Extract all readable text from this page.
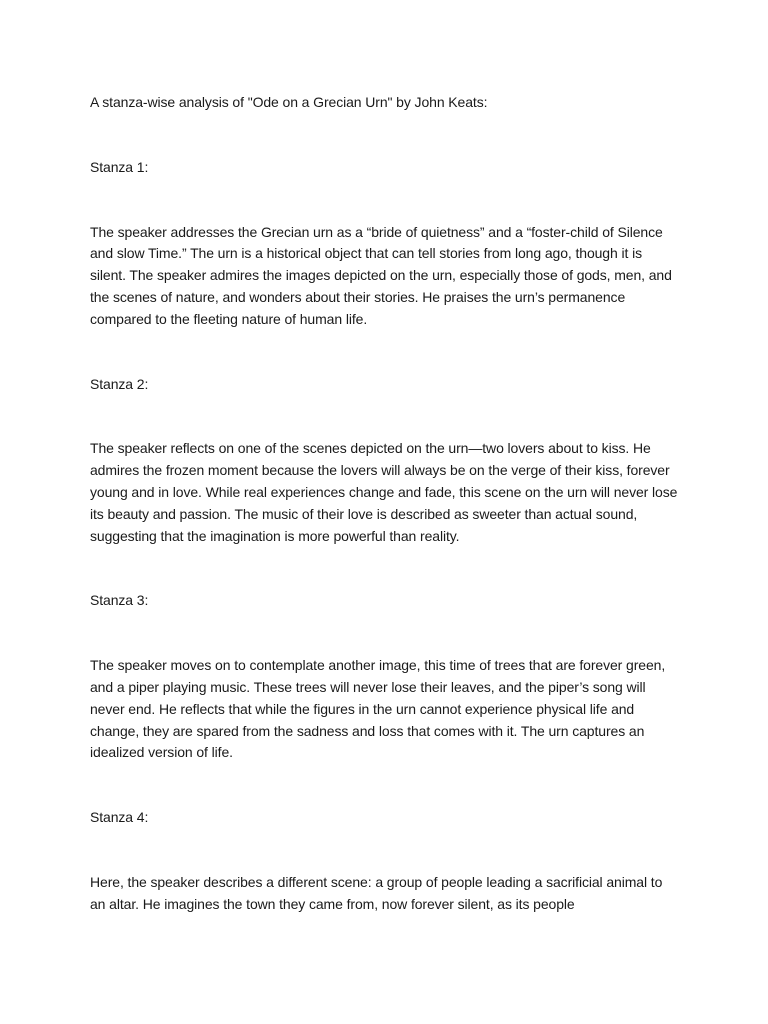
A stanza-wise analysis of "Ode on a Grecian Urn" by John Keats:

Stanza 1:

The speaker addresses the Grecian urn as a “bride of quietness” and a “foster-child of Silence and slow Time.” The urn is a historical object that can tell stories from long ago, though it is silent. The speaker admires the images depicted on the urn, especially those of gods, men, and the scenes of nature, and wonders about their stories. He praises the urn’s permanence compared to the fleeting nature of human life.

Stanza 2:

The speaker reflects on one of the scenes depicted on the urn—two lovers about to kiss. He admires the frozen moment because the lovers will always be on the verge of their kiss, forever young and in love. While real experiences change and fade, this scene on the urn will never lose its beauty and passion. The music of their love is described as sweeter than actual sound, suggesting that the imagination is more powerful than reality.

Stanza 3:

The speaker moves on to contemplate another image, this time of trees that are forever green, and a piper playing music. These trees will never lose their leaves, and the piper’s song will never end. He reflects that while the figures in the urn cannot experience physical life and change, they are spared from the sadness and loss that comes with it. The urn captures an idealized version of life.

Stanza 4:

Here, the speaker describes a different scene: a group of people leading a sacrificial animal to an altar. He imagines the town they came from, now forever silent, as its people
